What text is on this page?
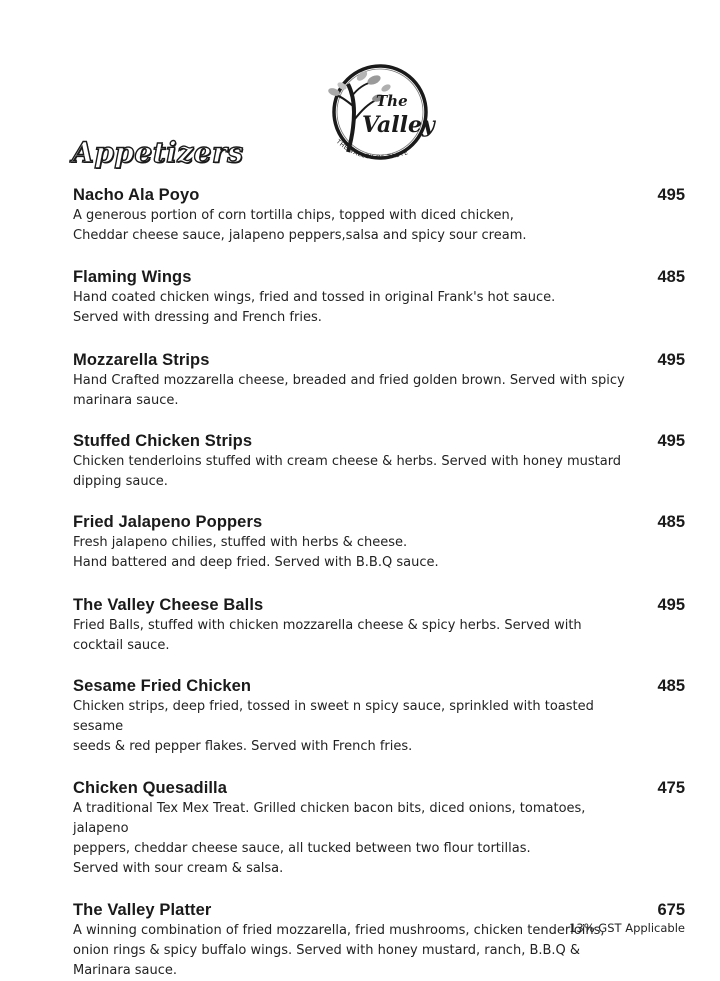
The
Valley
THE VALLEY OF TASTE
Appetizers
Nacho Ala Poyo	495
A generous portion of corn tortilla chips, topped with diced chicken,
Cheddar cheese sauce, jalapeno peppers,salsa and spicy sour cream.
Flaming Wings	485
Hand coated chicken wings, fried and tossed in original Frank's hot sauce.
Served with dressing and French fries.
Mozzarella Strips	495
Hand Crafted mozzarella cheese, breaded and fried golden brown. Served with spicy
marinara sauce.
Stuffed Chicken Strips	495
Chicken tenderloins stuffed with cream cheese & herbs. Served with honey mustard
dipping sauce.
Fried Jalapeno Poppers	485
Fresh jalapeno chilies, stuffed with herbs & cheese.
Hand battered and deep fried. Served with B.B.Q sauce.
The Valley Cheese Balls	495
Fried Balls, stuffed with chicken mozzarella cheese & spicy herbs. Served with
cocktail sauce.
Sesame Fried Chicken	485
Chicken strips, deep fried, tossed in sweet n spicy sauce, sprinkled with toasted sesame
seeds & red pepper flakes. Served with French fries.
Chicken Quesadilla	475
A traditional Tex Mex Treat. Grilled chicken bacon bits, diced onions, tomatoes, jalapeno
peppers, cheddar cheese sauce, all tucked between two flour tortillas.
Served with sour cream & salsa.
The Valley Platter	675
A winning combination of fried mozzarella, fried mushrooms, chicken tenderloins,
onion rings & spicy buffalo wings. Served with honey mustard, ranch, B.B.Q &
Marinara sauce.
13% GST Applicable
